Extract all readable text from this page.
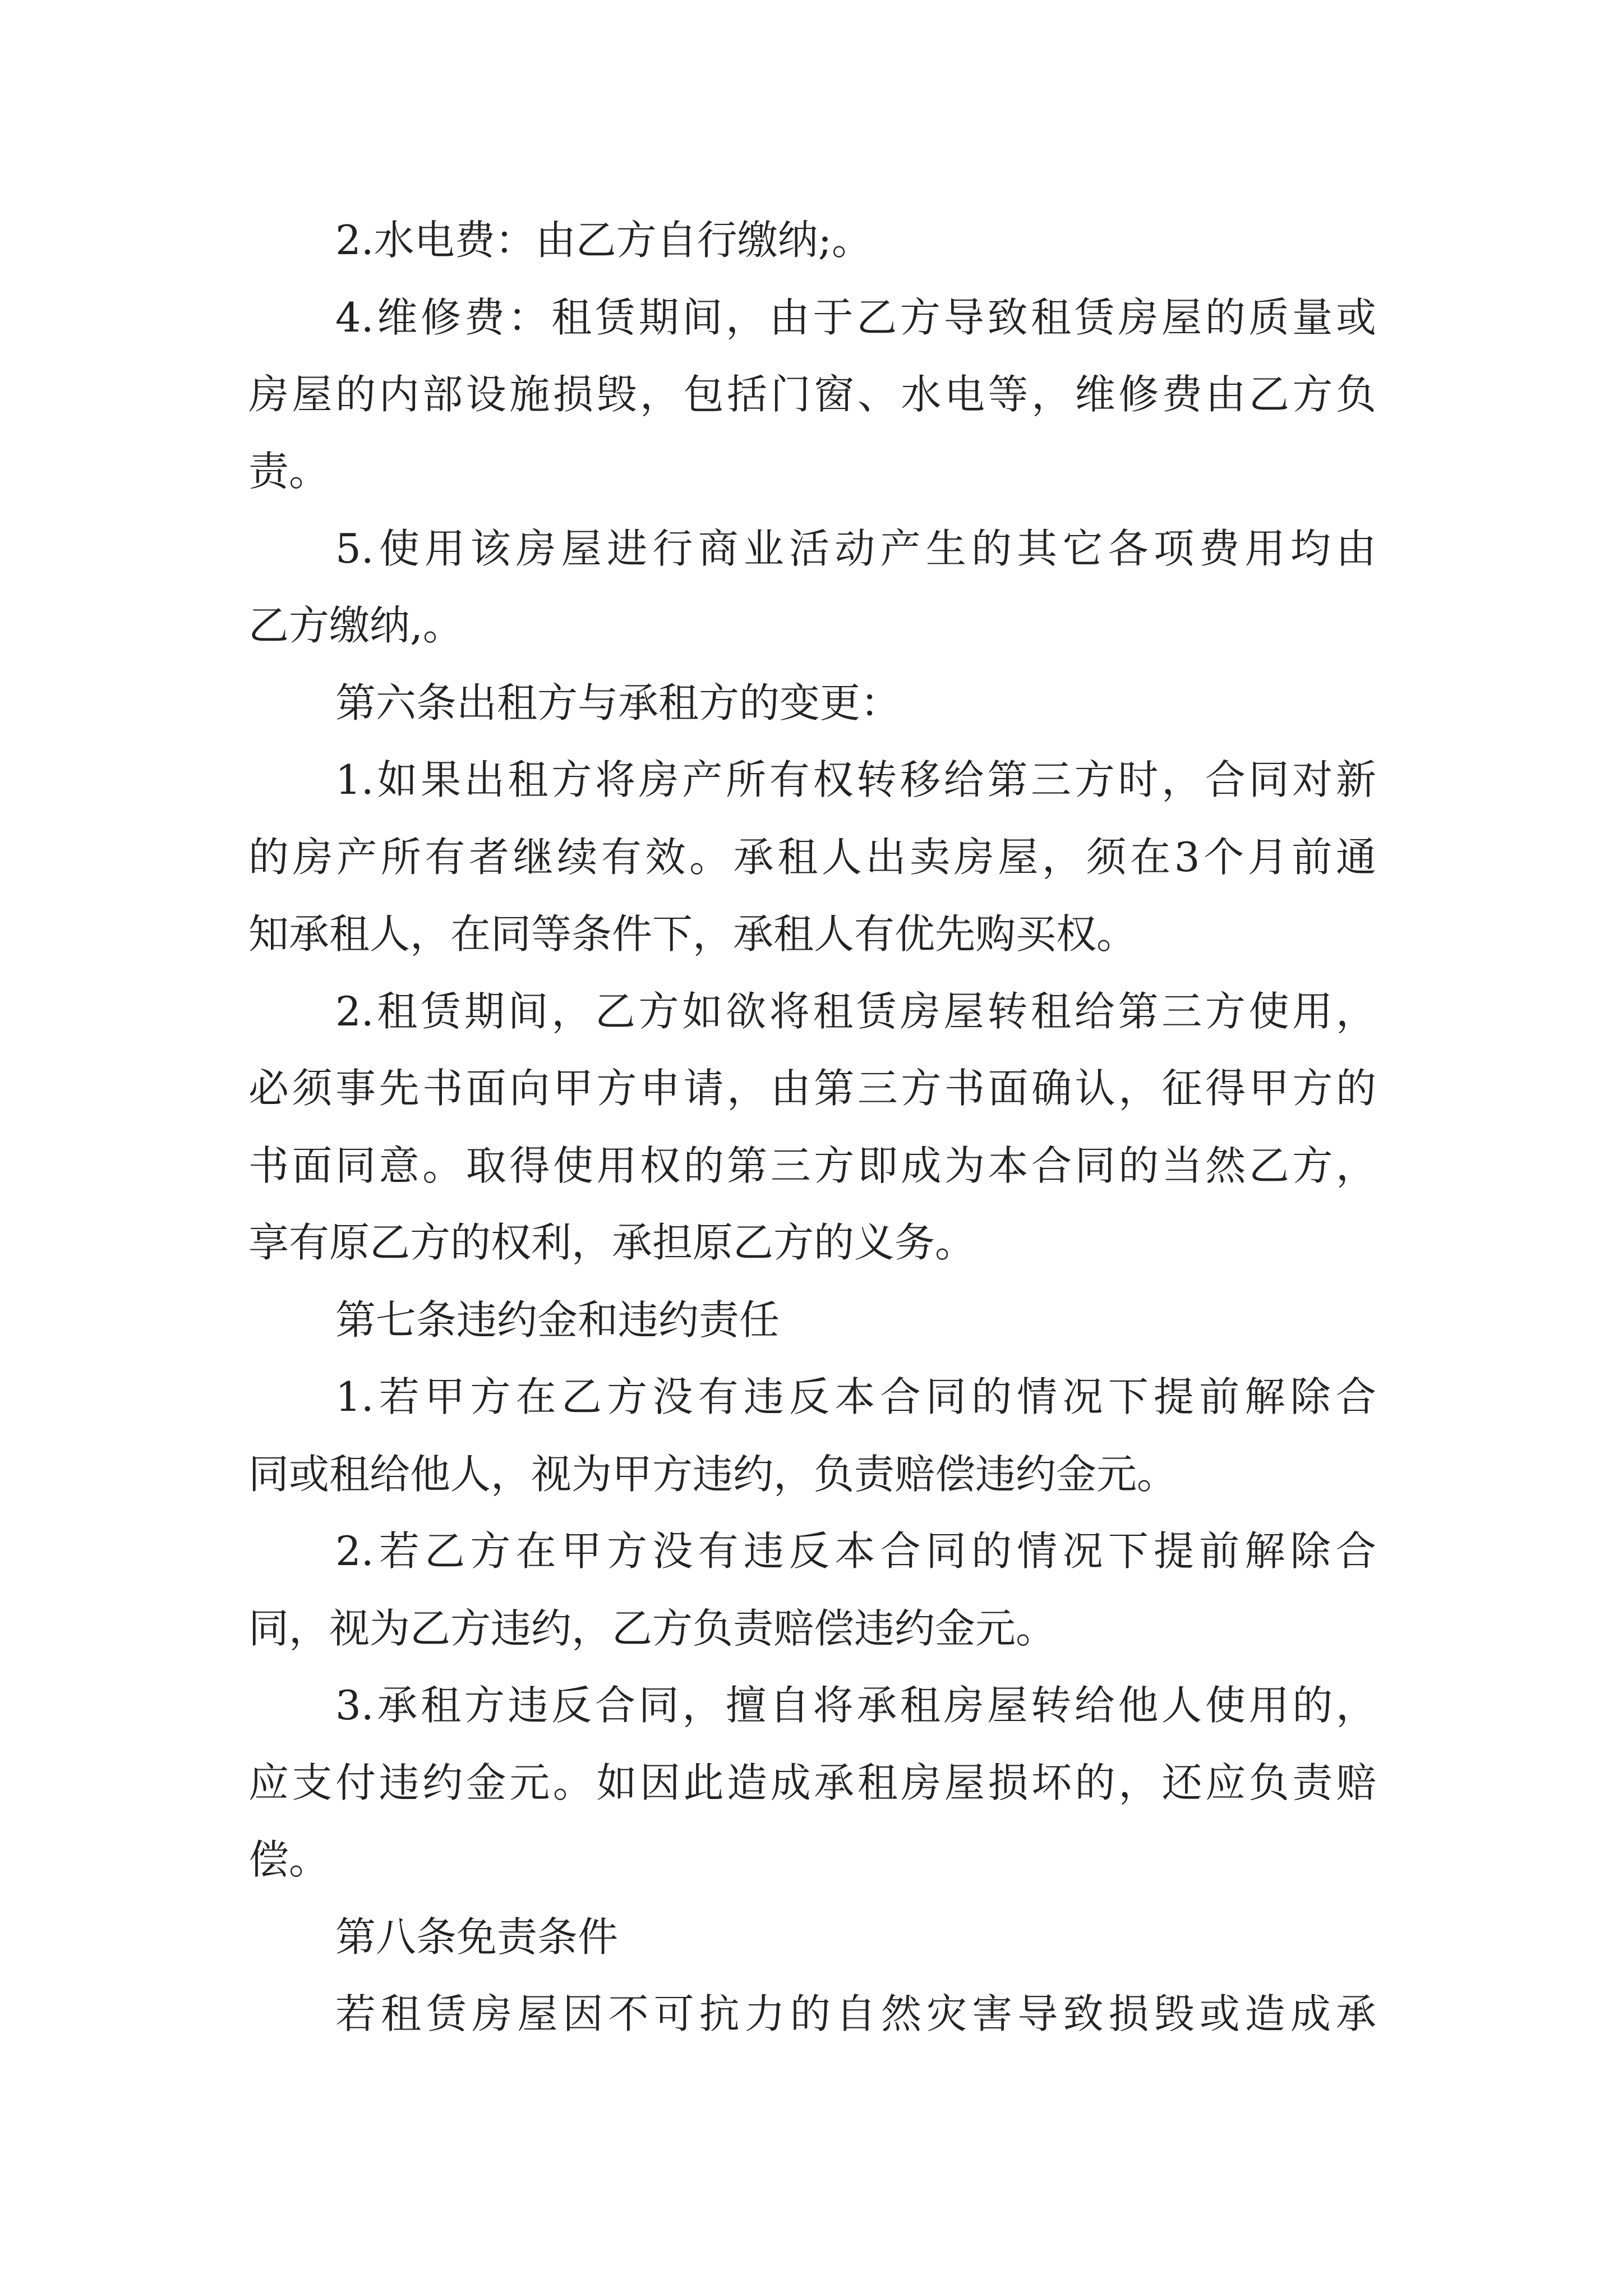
2.水电费：由乙方自行缴纳;。
4.维修费：租赁期间，由于乙方导致租赁房屋的质量或
房屋的内部设施损毁，包括门窗、水电等，维修费由乙方负
责。
5.使用该房屋进行商业活动产生的其它各项费用均由
乙方缴纳,。
第六条出租方与承租方的变更：
1.如果出租方将房产所有权转移给第三方时，合同对新
的房产所有者继续有效。承租人出卖房屋，须在3个月前通
知承租人，在同等条件下，承租人有优先购买权。
2.租赁期间，乙方如欲将租赁房屋转租给第三方使用，
必须事先书面向甲方申请，由第三方书面确认，征得甲方的
书面同意。取得使用权的第三方即成为本合同的当然乙方，
享有原乙方的权利，承担原乙方的义务。
第七条违约金和违约责任
1.若甲方在乙方没有违反本合同的情况下提前解除合
同或租给他人，视为甲方违约，负责赔偿违约金元。
2.若乙方在甲方没有违反本合同的情况下提前解除合
同，视为乙方违约，乙方负责赔偿违约金元。
3.承租方违反合同，擅自将承租房屋转给他人使用的，
应支付违约金元。如因此造成承租房屋损坏的，还应负责赔
偿。
第八条免责条件
若租赁房屋因不可抗力的自然灾害导致损毁或造成承
